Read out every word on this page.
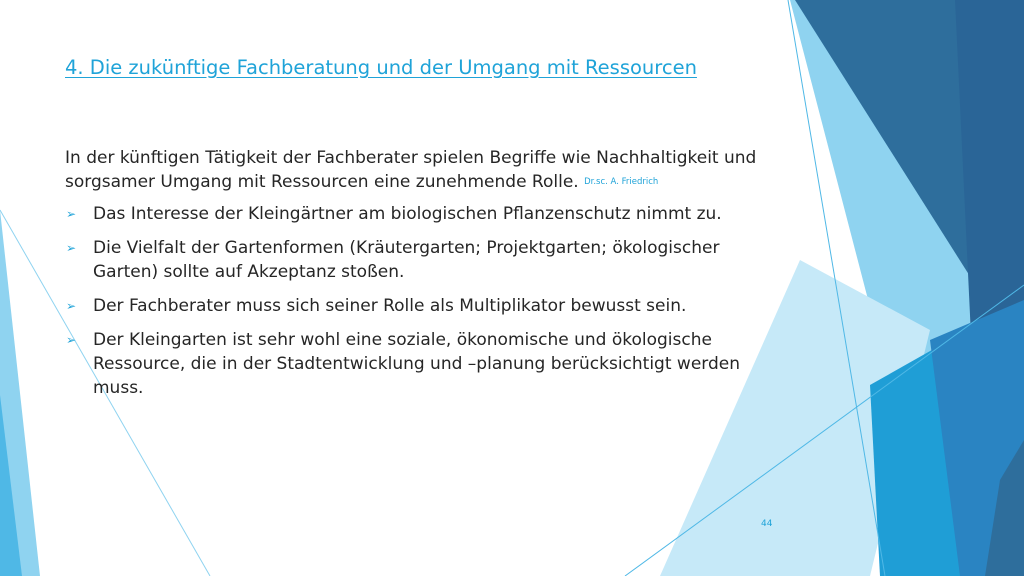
4. Die zukünftige Fachberatung und der Umgang mit Ressourcen

In der künftigen Tätigkeit der Fachberater spielen Begriffe wie Nachhaltigkeit und sorgsamer Umgang mit Ressourcen eine zunehmende Rolle. Dr.sc. A. Friedrich

➢ Das Interesse der Kleingärtner am biologischen Pflanzenschutz nimmt zu.
➢ Die Vielfalt der Gartenformen (Kräutergarten; Projektgarten; ökologischer Garten) sollte auf Akzeptanz stoßen.
➢ Der Fachberater muss sich seiner Rolle als Multiplikator bewusst sein.
➢ Der Kleingarten ist sehr wohl eine soziale, ökonomische und ökologische Ressource, die in der Stadtentwicklung und –planung berücksichtigt werden muss.
44
